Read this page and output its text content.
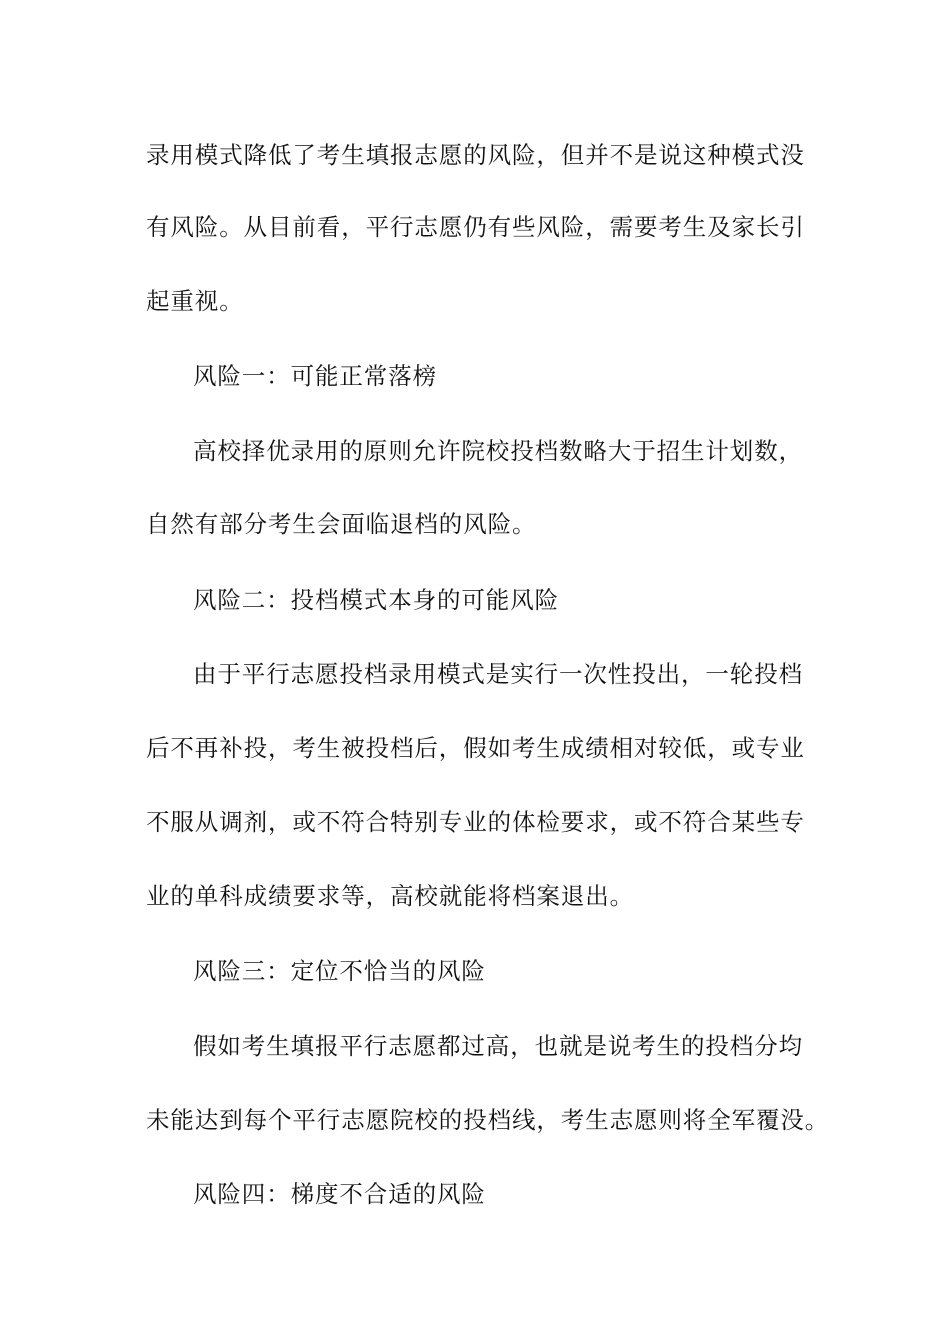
录用模式降低了考生填报志愿的风险，但并不是说这种模式没
有风险。从目前看，平行志愿仍有些风险，需要考生及家长引
起重视。
风险一：可能正常落榜
高校择优录用的原则允许院校投档数略大于招生计划数，
自然有部分考生会面临退档的风险。
风险二：投档模式本身的可能风险
由于平行志愿投档录用模式是实行一次性投出，一轮投档
后不再补投，考生被投档后，假如考生成绩相对较低，或专业
不服从调剂，或不符合特别专业的体检要求，或不符合某些专
业的单科成绩要求等，高校就能将档案退出。
风险三：定位不恰当的风险
假如考生填报平行志愿都过高，也就是说考生的投档分均
未能达到每个平行志愿院校的投档线，考生志愿则将全军覆没。
风险四：梯度不合适的风险
